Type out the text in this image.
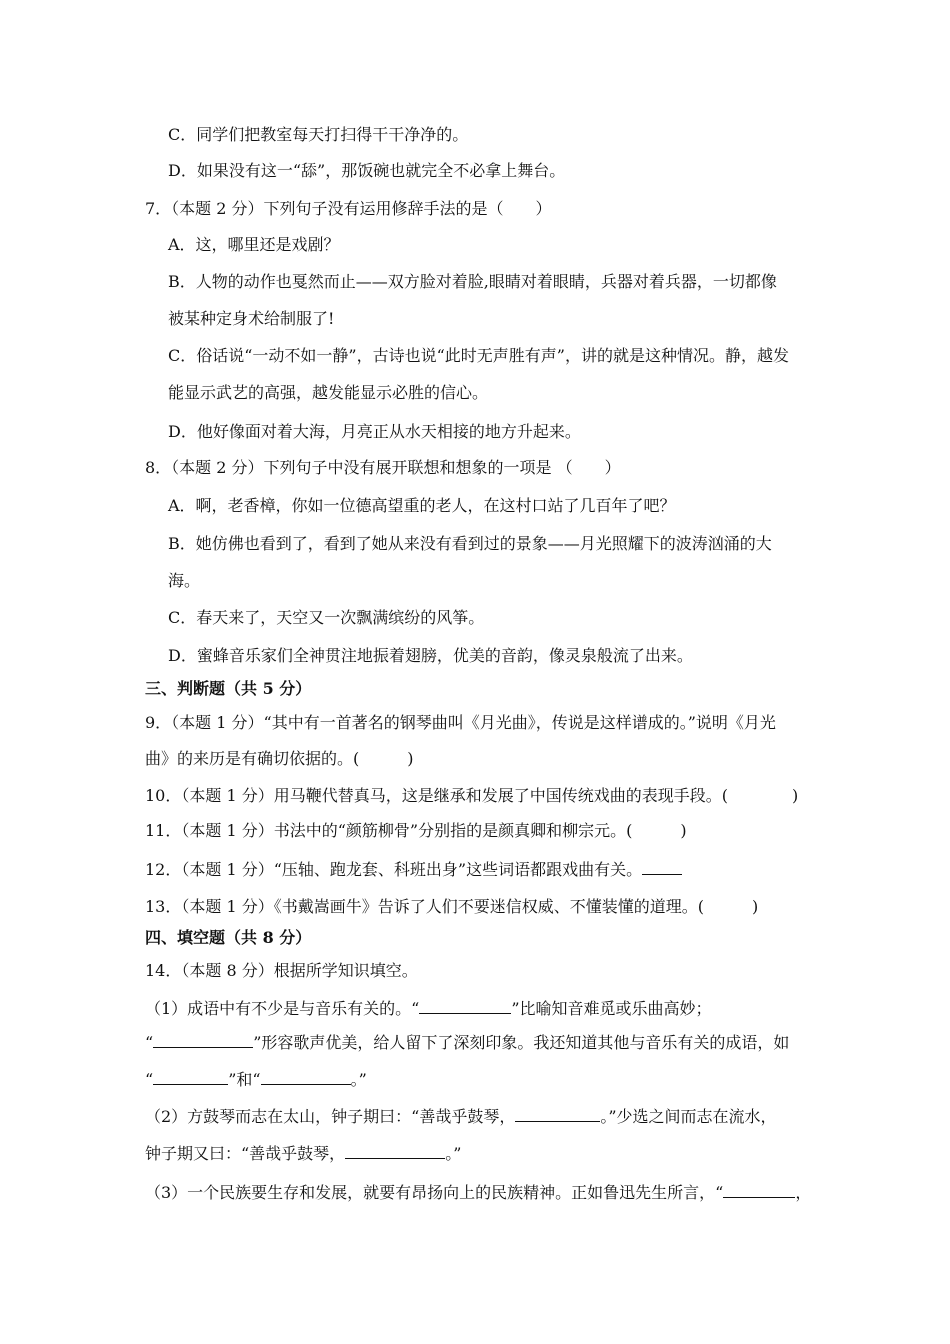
C．同学们把教室每天打扫得干干净净的。
D．如果没有这一“舔”，那饭碗也就完全不必拿上舞台。
7．（本题 2 分）下列句子没有运用修辞手法的是（　　）
A．这，哪里还是戏剧？
B．人物的动作也戛然而止——双方脸对着脸,眼睛对着眼睛，兵器对着兵器，一切都像
被某种定身术给制服了!
C．俗话说“一动不如一静”，古诗也说“此时无声胜有声”，讲的就是这种情况。静，越发
能显示武艺的高强，越发能显示必胜的信心。
D．他好像面对着大海，月亮正从水天相接的地方升起来。
8．（本题 2 分）下列句子中没有展开联想和想象的一项是 （　　）
A．啊，老香樟，你如一位德高望重的老人，在这村口站了几百年了吧？
B．她仿佛也看到了，看到了她从来没有看到过的景象——月光照耀下的波涛汹涌的大
海。
C．春天来了，天空又一次飘满缤纷的风筝。
D．蜜蜂音乐家们全神贯注地振着翅膀，优美的音韵，像灵泉般流了出来。
三、判断题（共 5 分）
9．（本题 1 分）“其中有一首著名的钢琴曲叫《月光曲》，传说是这样谱成的。”说明《月光
曲》的来历是有确切依据的。(　　　)
10．（本题 1 分）用马鞭代替真马，这是继承和发展了中国传统戏曲的表现手段。(　　　　)
11．（本题 1 分）书法中的“颜筋柳骨”分别指的是颜真卿和柳宗元。(　　　)
12．（本题 1 分）“压轴、跑龙套、科班出身”这些词语都跟戏曲有关。
13．（本题 1 分）《书戴嵩画牛》告诉了人们不要迷信权威、不懂装懂的道理。(　　　)
四、填空题（共 8 分）
14．（本题 8 分）根据所学知识填空。
（1）成语中有不少是与音乐有关的。“	”比喻知音难觅或乐曲高妙；
“	”形容歌声优美，给人留下了深刻印象。我还知道其他与音乐有关的成语，如
“	”和“	。”
（2）方鼓琴而志在太山，钟子期曰：“善哉乎鼓琴，	。”少选之间而志在流水，
钟子期又曰：“善哉乎鼓琴，	。”
（3）一个民族要生存和发展，就要有昂扬向上的民族精神。正如鲁迅先生所言，“	，
